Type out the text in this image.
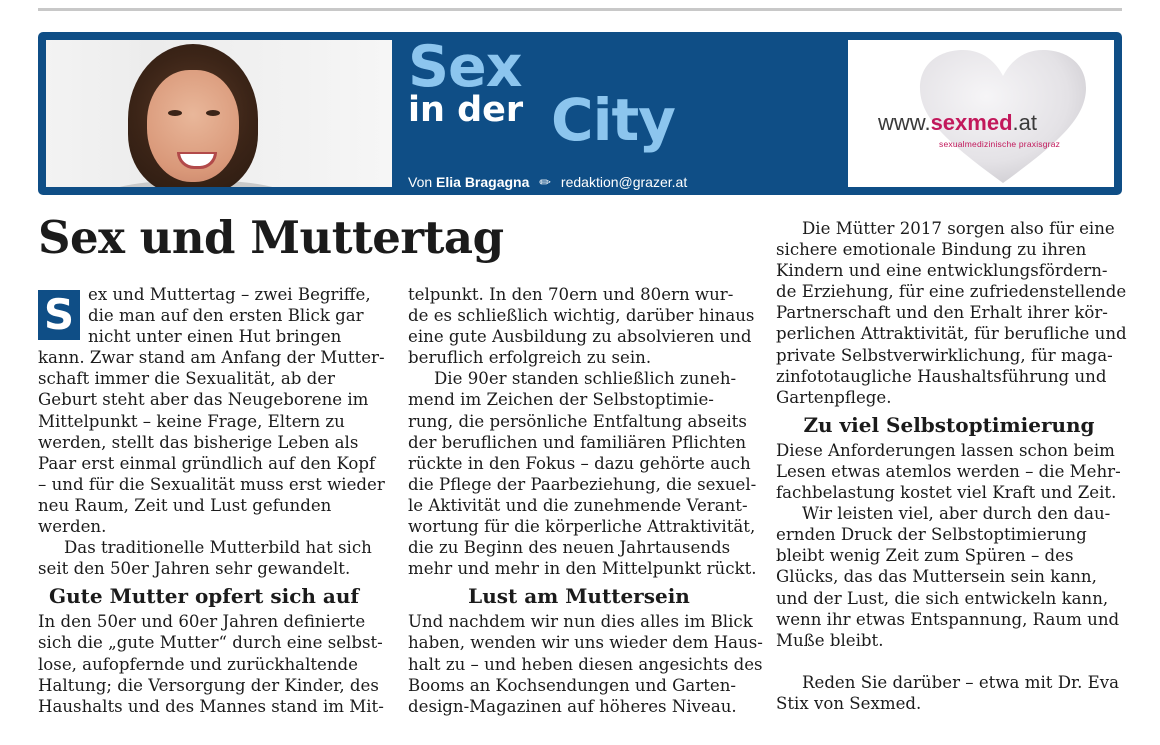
Sex
in der City
Von Elia Bragagna ✏ redaktion@grazer.at
www.sexmed.at
sexualmedizinische praxisgraz
Sex und Muttertag
S ex und Muttertag – zwei Begriffe,
die man auf den ersten Blick gar
nicht unter einen Hut bringen
kann. Zwar stand am Anfang der Mutter-
schaft immer die Sexualität, ab der
Geburt steht aber das Neugeborene im
Mittelpunkt – keine Frage, Eltern zu
werden, stellt das bisherige Leben als
Paar erst einmal gründlich auf den Kopf
– und für die Sexualität muss erst wieder
neu Raum, Zeit und Lust gefunden
werden.
Das traditionelle Mutterbild hat sich
seit den 50er Jahren sehr gewandelt.
Gute Mutter opfert sich auf
In den 50er und 60er Jahren definierte
sich die „gute Mutter“ durch eine selbst-
lose, aufopfernde und zurückhaltende
Haltung; die Versorgung der Kinder, des
Haushalts und des Mannes stand im Mit-
telpunkt. In den 70ern und 80ern wur-
de es schließlich wichtig, darüber hinaus
eine gute Ausbildung zu absolvieren und
beruflich erfolgreich zu sein.
Die 90er standen schließlich zuneh-
mend im Zeichen der Selbstoptimie-
rung, die persönliche Entfaltung abseits
der beruflichen und familiären Pflichten
rückte in den Fokus – dazu gehörte auch
die Pflege der Paarbeziehung, die sexuel-
le Aktivität und die zunehmende Verant-
wortung für die körperliche Attraktivität,
die zu Beginn des neuen Jahrtausends
mehr und mehr in den Mittelpunkt rückt.
Lust am Muttersein
Und nachdem wir nun dies alles im Blick
haben, wenden wir uns wieder dem Haus-
halt zu – und heben diesen angesichts des
Booms an Kochsendungen und Garten-
design-Magazinen auf höheres Niveau.
Die Mütter 2017 sorgen also für eine
sichere emotionale Bindung zu ihren
Kindern und eine entwicklungsfördern-
de Erziehung, für eine zufriedenstellende
Partnerschaft und den Erhalt ihrer kör-
perlichen Attraktivität, für berufliche und
private Selbstverwirklichung, für maga-
zinfototaugliche Haushaltsführung und
Gartenpflege.
Zu viel Selbstoptimierung
Diese Anforderungen lassen schon beim
Lesen etwas atemlos werden – die Mehr-
fachbelastung kostet viel Kraft und Zeit.
Wir leisten viel, aber durch den dau-
ernden Druck der Selbstoptimierung
bleibt wenig Zeit zum Spüren – des
Glücks, das das Muttersein sein kann,
und der Lust, die sich entwickeln kann,
wenn ihr etwas Entspannung, Raum und
Muße bleibt.
Reden Sie darüber – etwa mit Dr. Eva
Stix von Sexmed.
